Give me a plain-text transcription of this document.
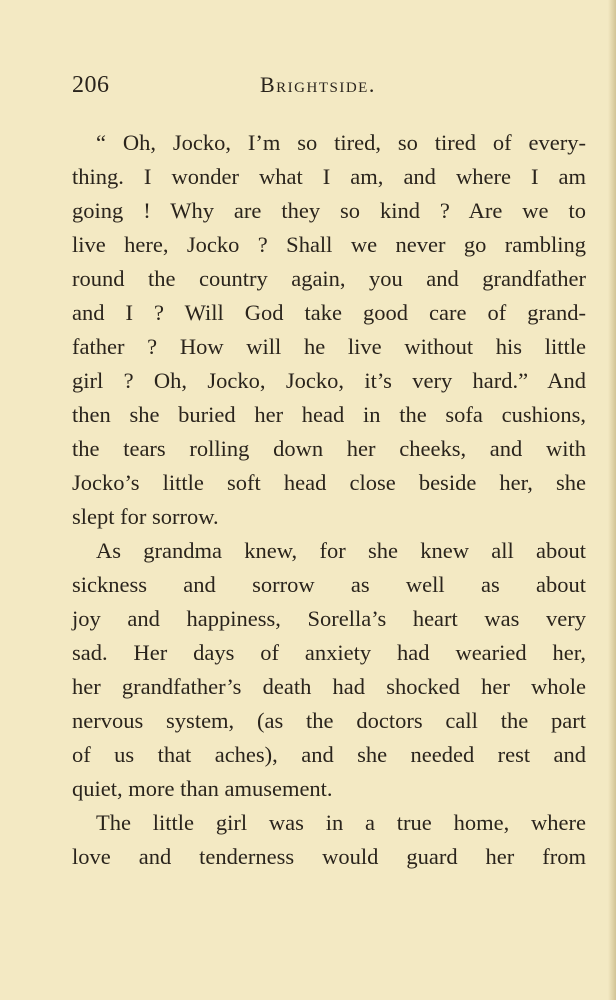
206	Brightside.
“ Oh, Jocko, I’m so tired, so tired of every-
thing. I wonder what I am, and where I am
going ! Why are they so kind ? Are we to
live here, Jocko ? Shall we never go rambling
round the country again, you and grandfather
and I ? Will God take good care of grand-
father ? How will he live without his little
girl ? Oh, Jocko, Jocko, it’s very hard.” And
then she buried her head in the sofa cushions,
the tears rolling down her cheeks, and with
Jocko’s little soft head close beside her, she
slept for sorrow.
As grandma knew, for she knew all about
sickness and sorrow as well as about
joy and happiness, Sorella’s heart was very
sad. Her days of anxiety had wearied her,
her grandfather’s death had shocked her whole
nervous system, (as the doctors call the part
of us that aches), and she needed rest and
quiet, more than amusement.
The little girl was in a true home, where
love and tenderness would guard her from
